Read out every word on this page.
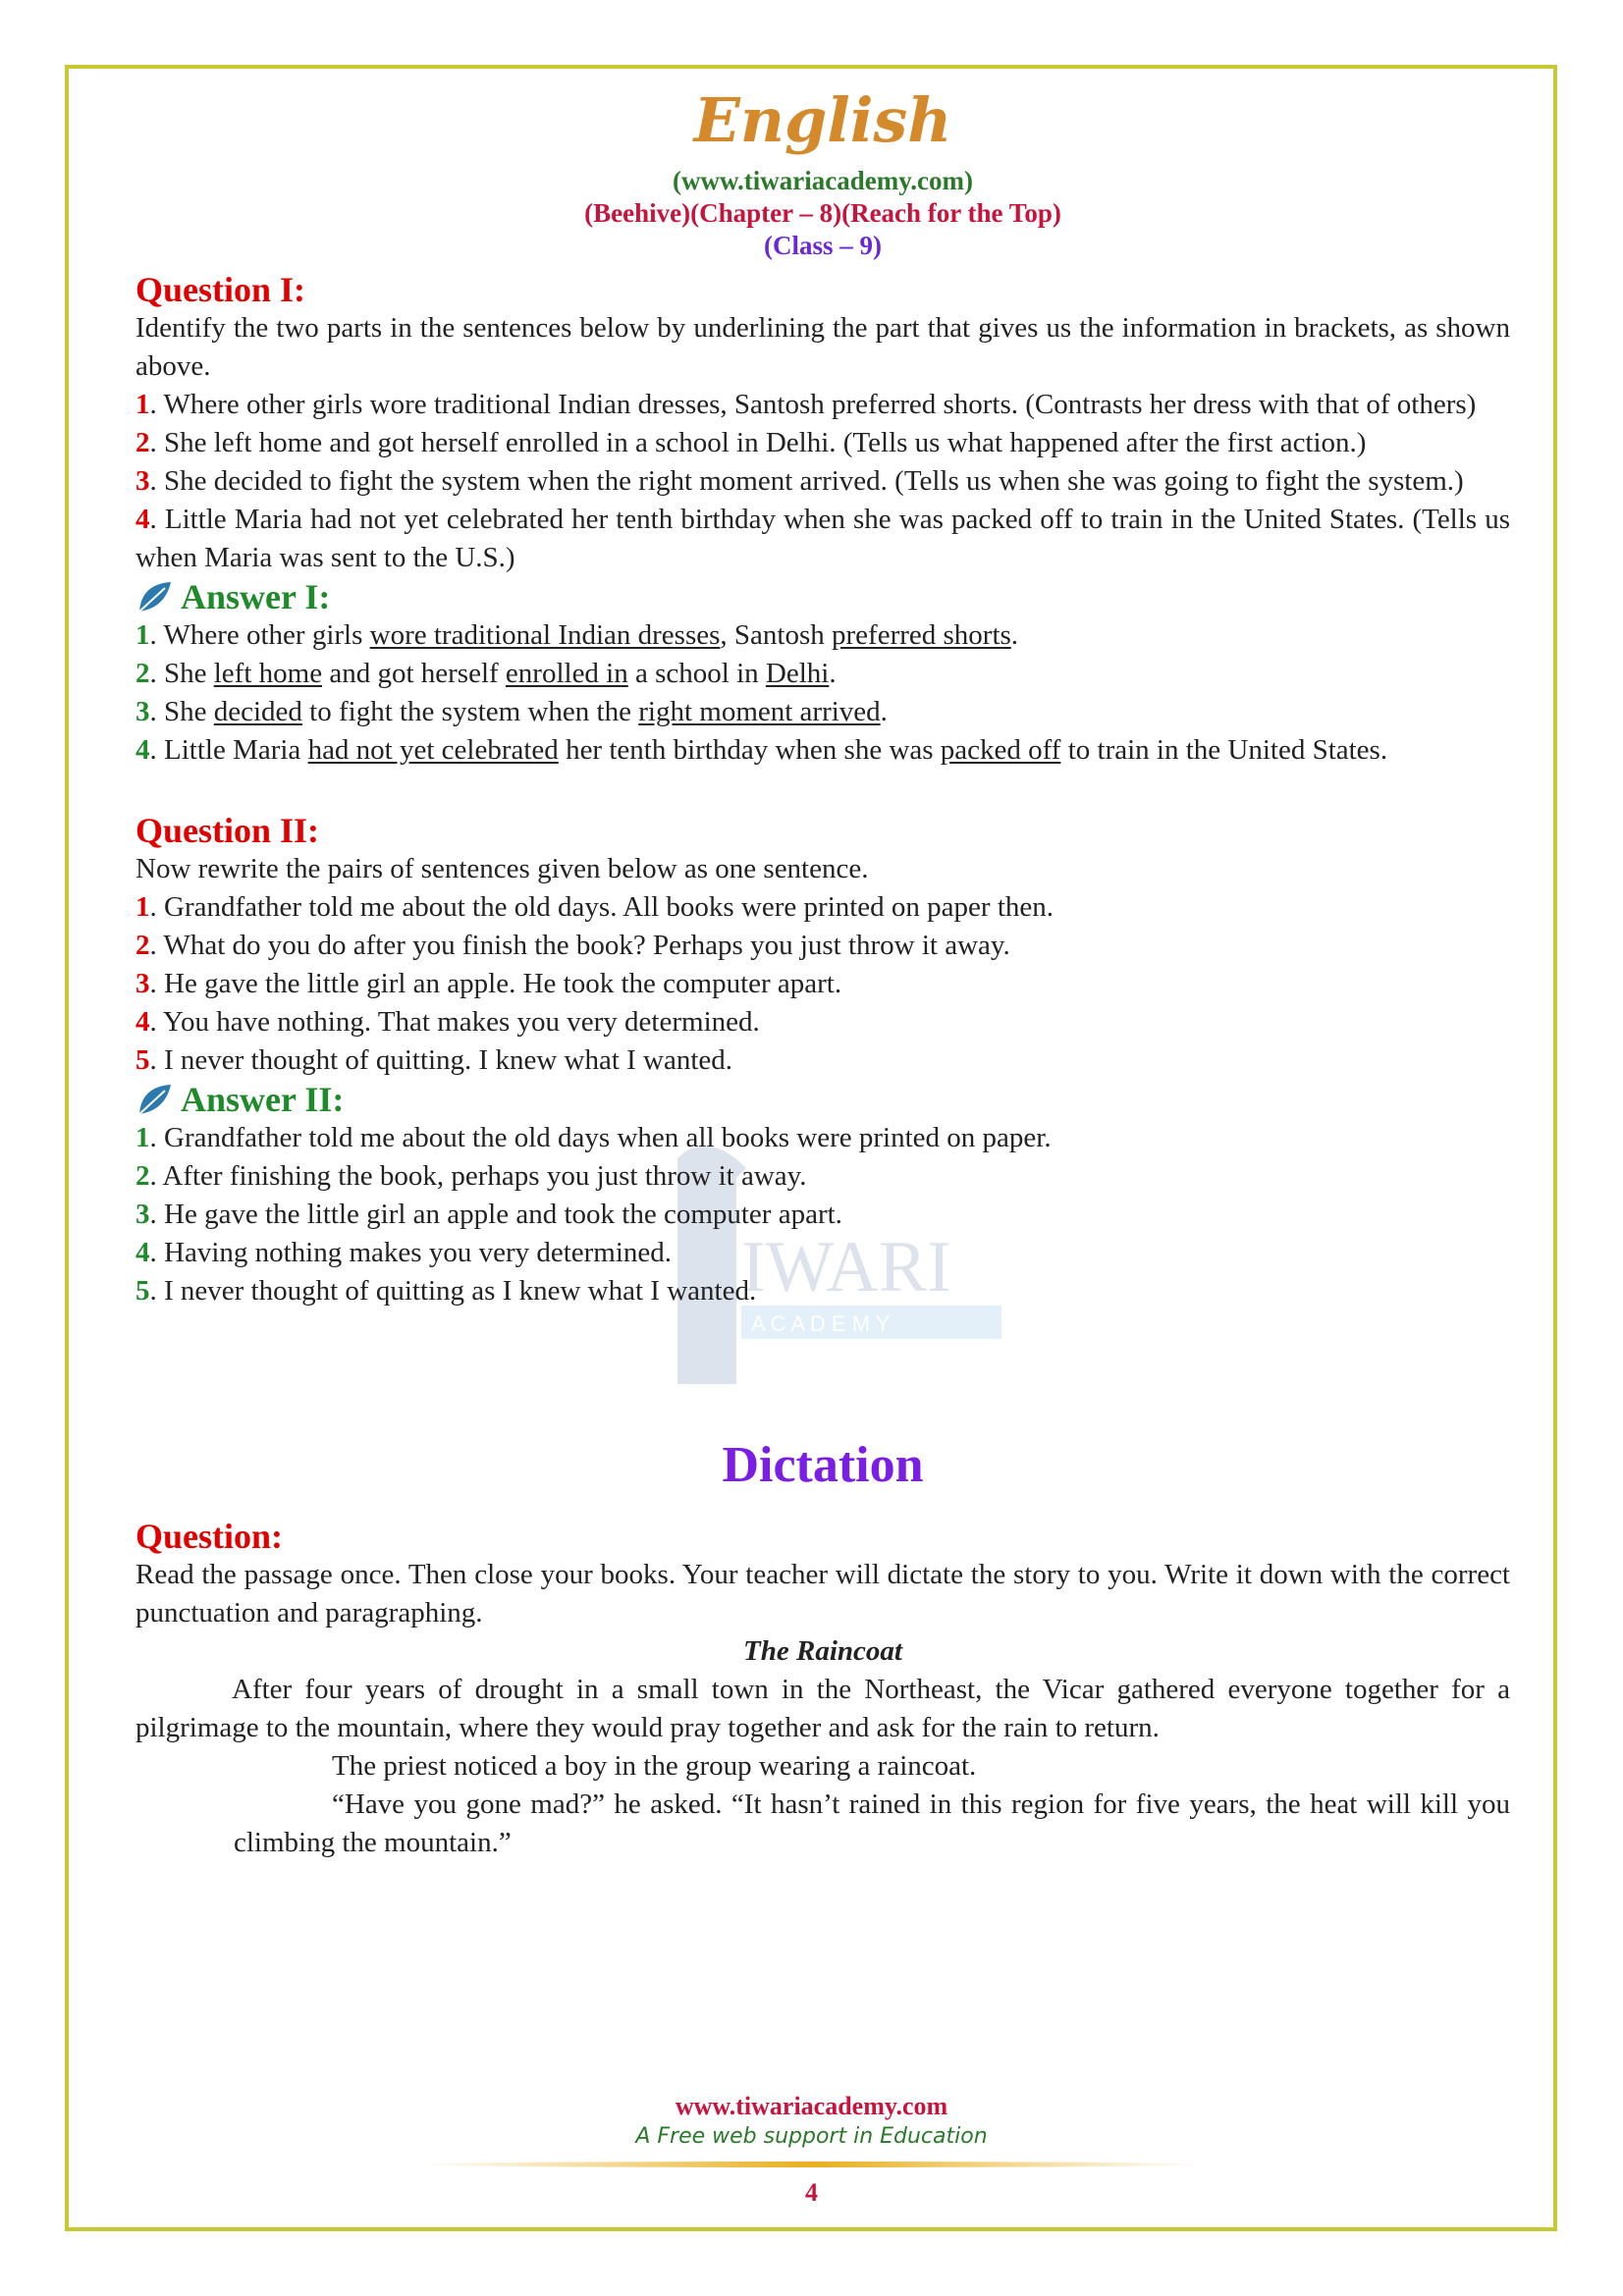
IWARI
A C A D E M Y
English
(www.tiwariacademy.com)
(Beehive)(Chapter – 8)(Reach for the Top)
(Class – 9)
Question I:

Identify the two parts in the sentences below by underlining the part that gives us the information in brackets, as shown above.

1. Where other girls wore traditional Indian dresses, Santosh preferred shorts. (Contrasts her dress with that of others)

2. She left home and got herself enrolled in a school in Delhi. (Tells us what happened after the first action.)

3. She decided to fight the system when the right moment arrived. (Tells us when she was going to fight the system.)

4. Little Maria had not yet celebrated her tenth birthday when she was packed off to train in the United States. (Tells us when Maria was sent to the U.S.)

Answer I:

1. Where other girls wore traditional Indian dresses, Santosh preferred shorts.

2. She left home and got herself enrolled in a school in Delhi.

3. She decided to fight the system when the right moment arrived.

4. Little Maria had not yet celebrated her tenth birthday when she was packed off to train in the United States.

Question II:

Now rewrite the pairs of sentences given below as one sentence.

1. Grandfather told me about the old days. All books were printed on paper then.

2. What do you do after you finish the book? Perhaps you just throw it away.

3. He gave the little girl an apple. He took the computer apart.

4. You have nothing. That makes you very determined.

5. I never thought of quitting. I knew what I wanted.

Answer II:

1. Grandfather told me about the old days when all books were printed on paper.

2. After finishing the book, perhaps you just throw it away.

3. He gave the little girl an apple and took the computer apart.

4. Having nothing makes you very determined.

5. I never thought of quitting as I knew what I wanted.

Dictation
Question:

Read the passage once. Then close your books. Your teacher will dictate the story to you. Write it down with the correct punctuation and paragraphing.

The Raincoat

After four years of drought in a small town in the Northeast, the Vicar gathered everyone together for a pilgrimage to the mountain, where they would pray together and ask for the rain to return.

The priest noticed a boy in the group wearing a raincoat.

“Have you gone mad?” he asked. “It hasn’t rained in this region for five years, the heat will kill you climbing the mountain.”

www.tiwariacademy.com
A Free web support in Education
4
